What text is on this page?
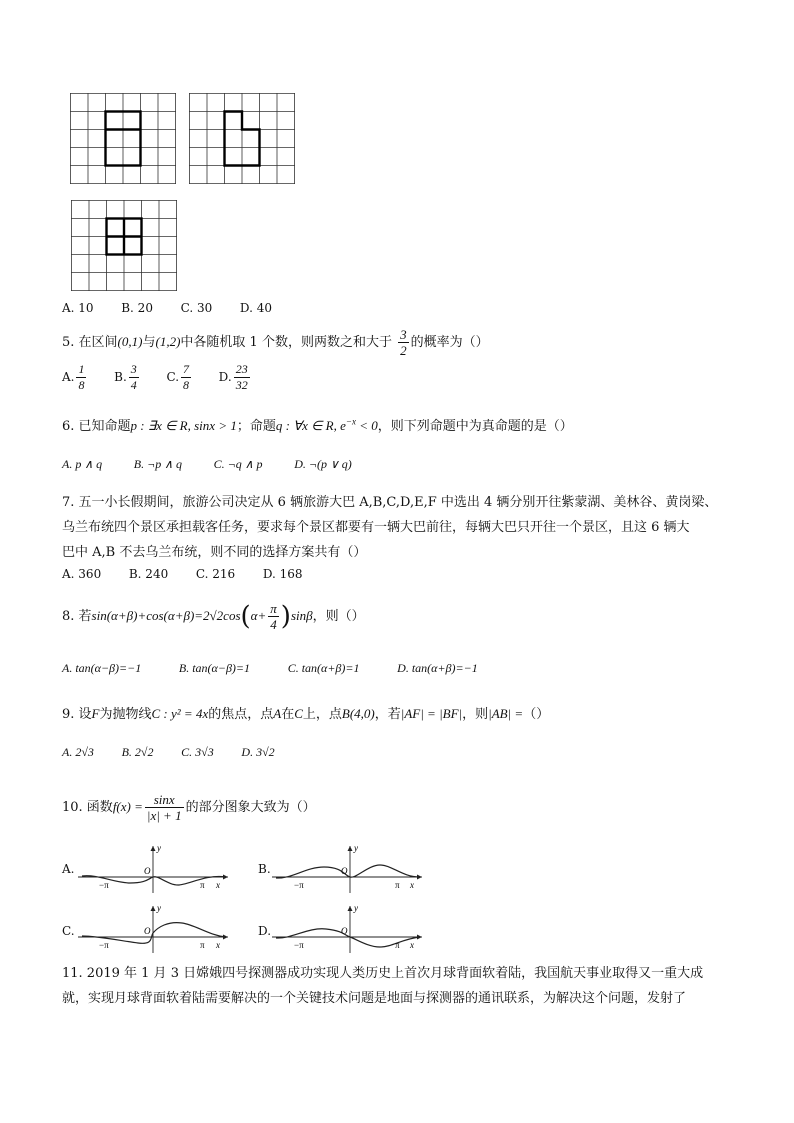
A. 10 B. 20 C. 30 D. 40
5. 在区间(0,1)与(1,2)中各随机取 1 个数，则两数之和大于 $\frac{3}{2}$ 的概率为（）
A. $\frac{1}{8} B$. $\frac{3}{4} C$. $\frac{7}{8} D$. $\frac{23}{32}$
6. 已知命题p : ∃x ∈ R, sinx > 1；命题q : ∀x ∈ R, $e^{-x} < 0$，则下列命题中为真命题的是（）
A. p ∧ q	B. ¬p ∧ q	C. ¬q ∧ p	D. ¬(p ∨ q)
7. 五一小长假期间，旅游公司决定从 6 辆旅游大巴 A,B,C,D,E,F 中选出 4 辆分别开往紫蒙湖、美林谷、黄岗梁、
乌兰布统四个景区承担载客任务，要求每个景区都要有一辆大巴前往，每辆大巴只开往一个景区，且这 6 辆大
巴中 A,B 不去乌兰布统，则不同的选择方案共有（）
A. 360 B. 240 C. 216 D. 168
8. 若$\sin(\alpha+\beta)+\cos(\alpha+\beta)=2√2\cos(\alpha+ \frac{\pi}{4} )\sin\beta$，则（）
A. tan(α−β)=−1	B. tan(α−β)=1	C. tan(α+β)=1	D. tan(α+β)=−1
9. 设F为抛物线C : y² = 4x的焦点，点A在C上，点B(4,0)，若|AF| = |BF|，则|AB| =（）
A. 2√3 B. 2√2 C. 3√3 D. 3√2
10. 函数$f(x) = \frac{\sin x}{|x| + 1}$ 的部分图象大致为（）
A.
y
x
O
−π	π
B.
y
x
O
−π	π
C.
y
x
O
−π	π
D.
y
x
O
−π	π
11. 2019 年 1 月 3 日嫦娥四号探测器成功实现人类历史上首次月球背面软着陆，我国航天事业取得又一重大成
就，实现月球背面软着陆需要解决的一个关键技术问题是地面与探测器的通讯联系，为解决这个问题，发射了
